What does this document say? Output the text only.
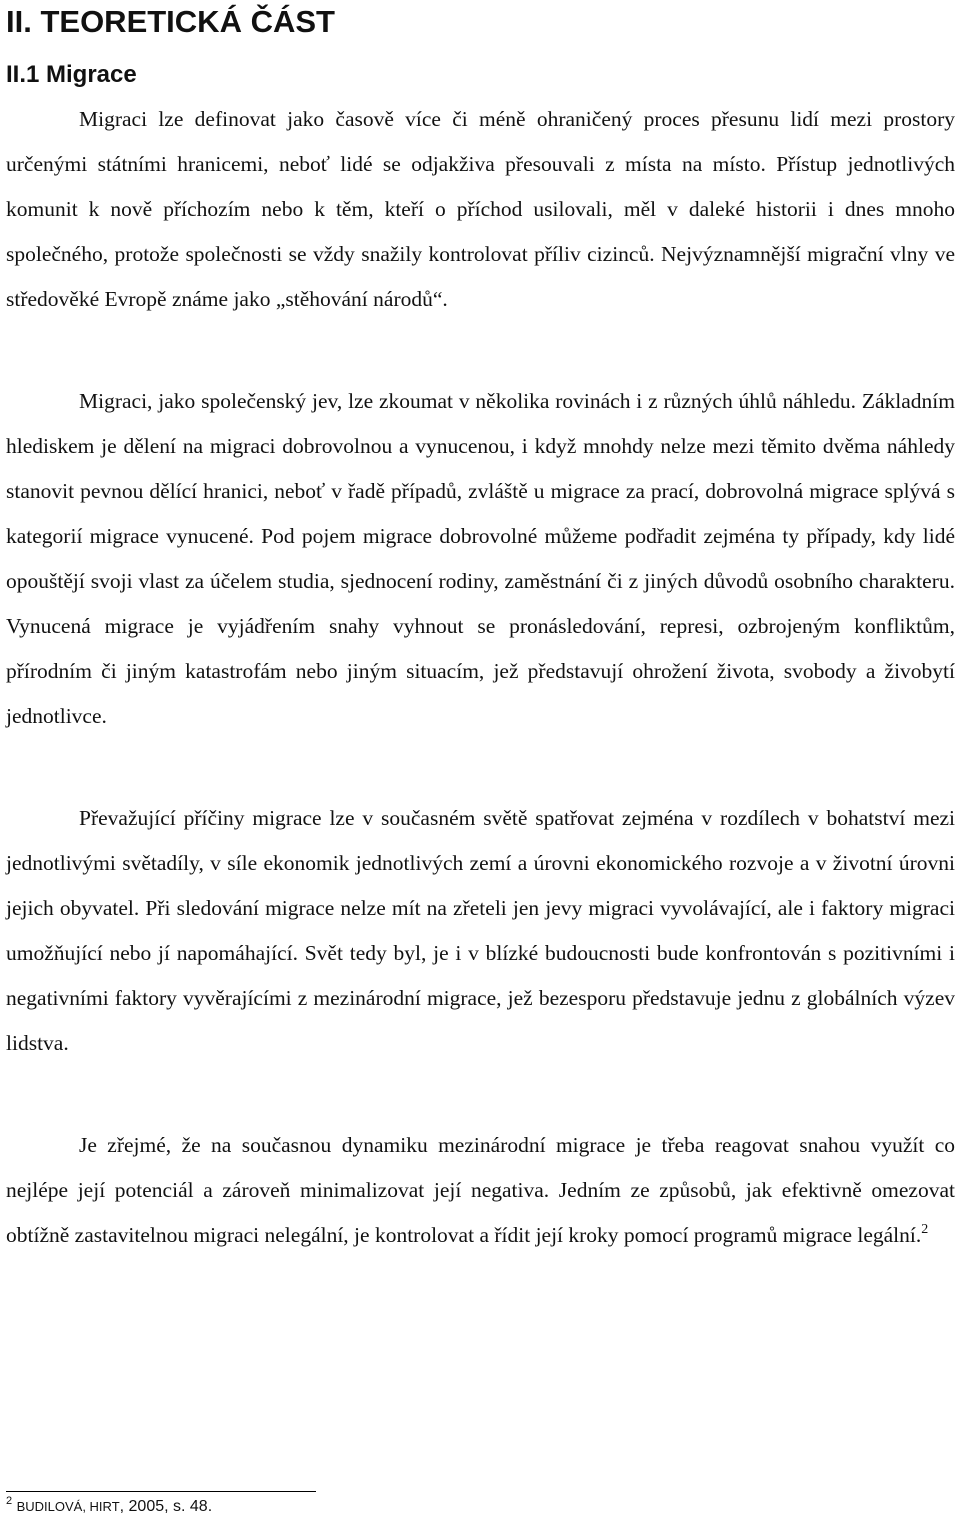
II. TEORETICKÁ ČÁST
II.1 Migrace

Migraci lze definovat jako časově více či méně ohraničený proces přesunu lidí mezi prostory určenými státními hranicemi, neboť lidé se odjakživa přesouvali z místa na místo. Přístup jednotlivých komunit k nově příchozím nebo k těm, kteří o příchod usilovali, měl v daleké historii i dnes mnoho společného, protože společnosti se vždy snažily kontrolovat příliv cizinců. Nejvýznamnější migrační vlny ve středověké Evropě známe jako „stěhování národů“.

Migraci, jako společenský jev, lze zkoumat v několika rovinách i z různých úhlů náhledu. Základním hlediskem je dělení na migraci dobrovolnou a vynucenou, i když mnohdy nelze mezi těmito dvěma náhledy stanovit pevnou dělící hranici, neboť v řadě případů, zvláště u migrace za prací, dobrovolná migrace splývá s kategorií migrace vynucené. Pod pojem migrace dobrovolné můžeme podřadit zejména ty případy, kdy lidé opouštějí svoji vlast za účelem studia, sjednocení rodiny, zaměstnání či z jiných důvodů osobního charakteru. Vynucená migrace je vyjádřením snahy vyhnout se pronásledování, represi, ozbrojeným konfliktům, přírodním či jiným katastrofám nebo jiným situacím, jež představují ohrožení života, svobody a živobytí jednotlivce.

Převažující příčiny migrace lze v současném světě spatřovat zejména v rozdílech v bohatství mezi jednotlivými světadíly, v síle ekonomik jednotlivých zemí a úrovni ekonomického rozvoje a v životní úrovni jejich obyvatel. Při sledování migrace nelze mít na zřeteli jen jevy migraci vyvolávající, ale i faktory migraci umožňující nebo jí napomáhající. Svět tedy byl, je i v blízké budoucnosti bude konfrontován s pozitivními i negativními faktory vyvěrajícími z mezinárodní migrace, jež bezesporu představuje jednu z globálních výzev lidstva.

Je zřejmé, že na současnou dynamiku mezinárodní migrace je třeba reagovat snahou využít co nejlépe její potenciál a zároveň minimalizovat její negativa. Jedním ze způsobů, jak efektivně omezovat obtížně zastavitelnou migraci nelegální, je kontrolovat a řídit její kroky pomocí programů migrace legální.$^2$

$^2$ BUDILOVÁ, HIRT, 2005, s. 48.
